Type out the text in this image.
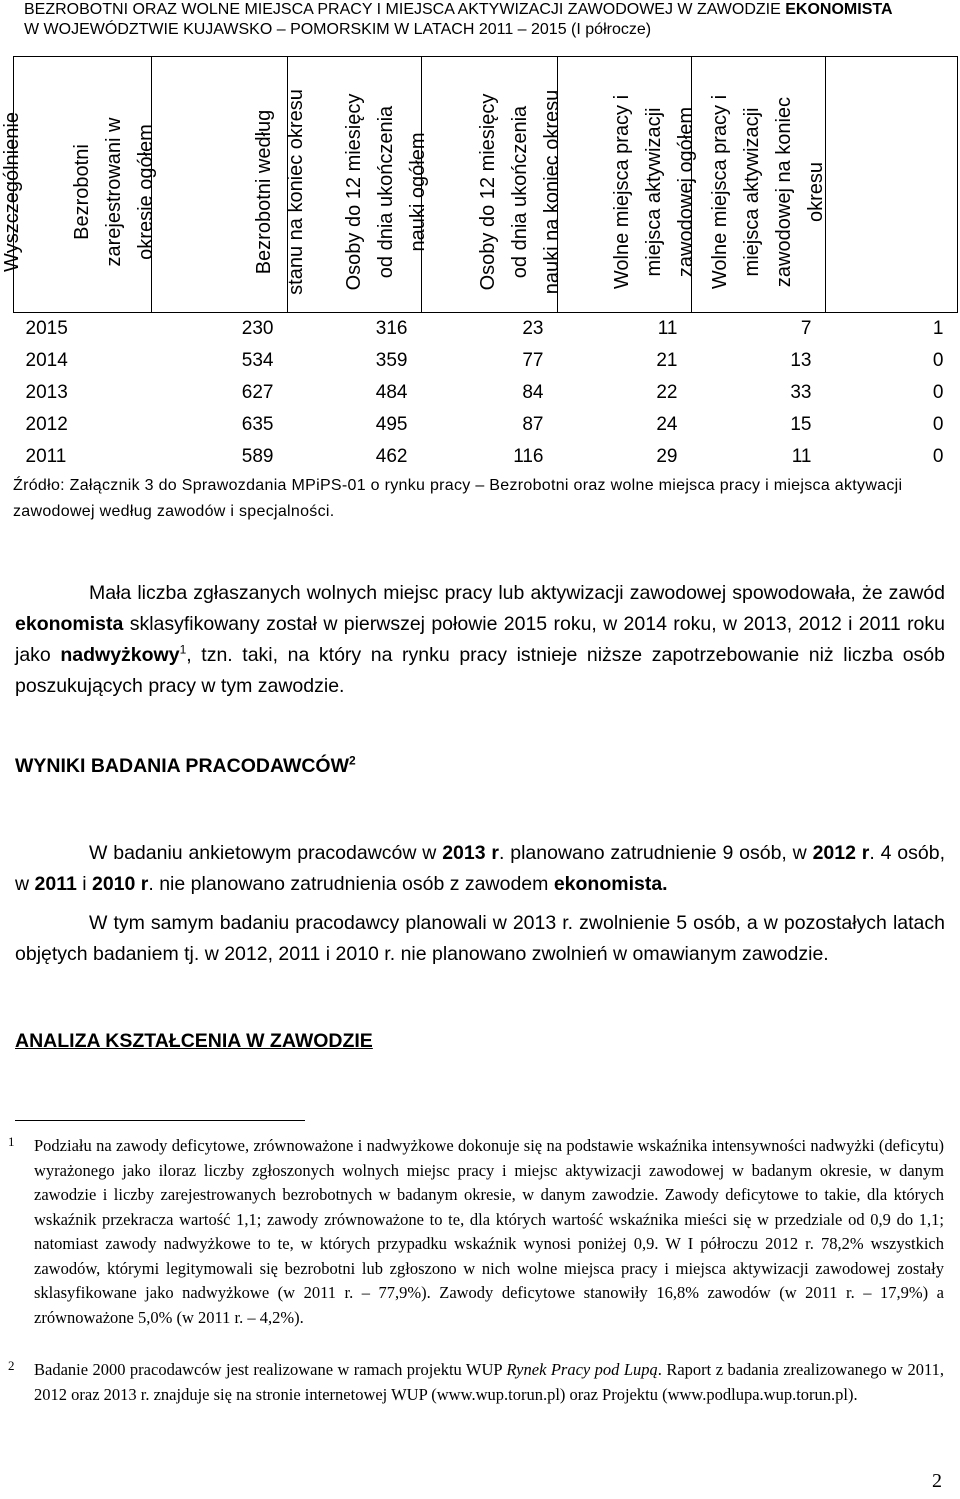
BEZROBOTNI ORAZ WOLNE MIEJSCA PRACY I MIEJSCA AKTYWIZACJI ZAWODOWEJ W ZAWODZIE EKONOMISTA
W WOJEWÓDZTWIE KUJAWSKO – POMORSKIM W LATACH 2011 – 2015 (I półrocze)
Wyszczególnienie	Bezrobotni
zarejestrowani w
okresie ogółem	Bezrobotni według
stanu na koniec okresu	Osoby do 12 miesięcy
od dnia ukończenia
nauki ogółem	Osoby do 12 miesięcy
od dnia ukończenia
nauki na koniec okresu	Wolne miejsca pracy i
miejsca aktywizacji
zawodowej ogółem	Wolne miejsca pracy i
miejsca aktywizacji
zawodowej na koniec
okresu

2015	230	316	23	11	7	1
2014	534	359	77	21	13	0
2013	627	484	84	22	33	0
2012	635	495	87	24	15	0
2011	589	462	116	29	11	0
Źródło: Załącznik 3 do Sprawozdania MPiPS-01 o rynku pracy – Bezrobotni oraz wolne miejsca pracy i miejsca aktywacji zawodowej według zawodów i specjalności.
Mała liczba zgłaszanych wolnych miejsc pracy lub aktywizacji zawodowej spowodowała, że zawód ekonomista sklasyfikowany został w pierwszej połowie 2015 roku, w 2014 roku, w 2013, 2012 i 2011 roku jako nadwyżkowy$^1$, tzn. taki, na który na rynku pracy istnieje niższe zapotrzebowanie niż liczba osób poszukujących pracy w tym zawodzie.
WYNIKI BADANIA PRACODAWCÓW$^2$
W badaniu ankietowym pracodawców w 2013 r. planowano zatrudnienie 9 osób, w 2012 r. 4 osób, w 2011 i 2010 r. nie planowano zatrudnienia osób z zawodem ekonomista.
W tym samym badaniu pracodawcy planowali w 2013 r. zwolnienie 5 osób, a w pozostałych latach objętych badaniem tj. w 2012, 2011 i 2010 r. nie planowano zwolnień w omawianym zawodzie.
ANALIZA KSZTAŁCENIA W ZAWODZIE
1 Podziału na zawody deficytowe, zrównoważone i nadwyżkowe dokonuje się na podstawie wskaźnika intensywności nadwyżki (deficytu) wyrażonego jako iloraz liczby zgłoszonych wolnych miejsc pracy i miejsc aktywizacji zawodowej w badanym okresie, w danym zawodzie i liczby zarejestrowanych bezrobotnych w badanym okresie, w danym zawodzie. Zawody deficytowe to takie, dla których wskaźnik przekracza wartość 1,1; zawody zrównoważone to te, dla których wartość wskaźnika mieści się w przedziale od 0,9 do 1,1; natomiast zawody nadwyżkowe to te, w których przypadku wskaźnik wynosi poniżej 0,9. W I półroczu 2012 r. 78,2% wszystkich zawodów, którymi legitymowali się bezrobotni lub zgłoszono w nich wolne miejsca pracy i miejsca aktywizacji zawodowej zostały sklasyfikowane jako nadwyżkowe (w 2011 r. – 77,9%). Zawody deficytowe stanowiły 16,8% zawodów (w 2011 r. – 17,9%) a zrównoważone 5,0% (w 2011 r. – 4,2%).
2 Badanie 2000 pracodawców jest realizowane w ramach projektu WUP Rynek Pracy pod Lupą. Raport z badania zrealizowanego w 2011, 2012 oraz 2013 r. znajduje się na stronie internetowej WUP (www.wup.torun.pl) oraz Projektu (www.podlupa.wup.torun.pl).
2
